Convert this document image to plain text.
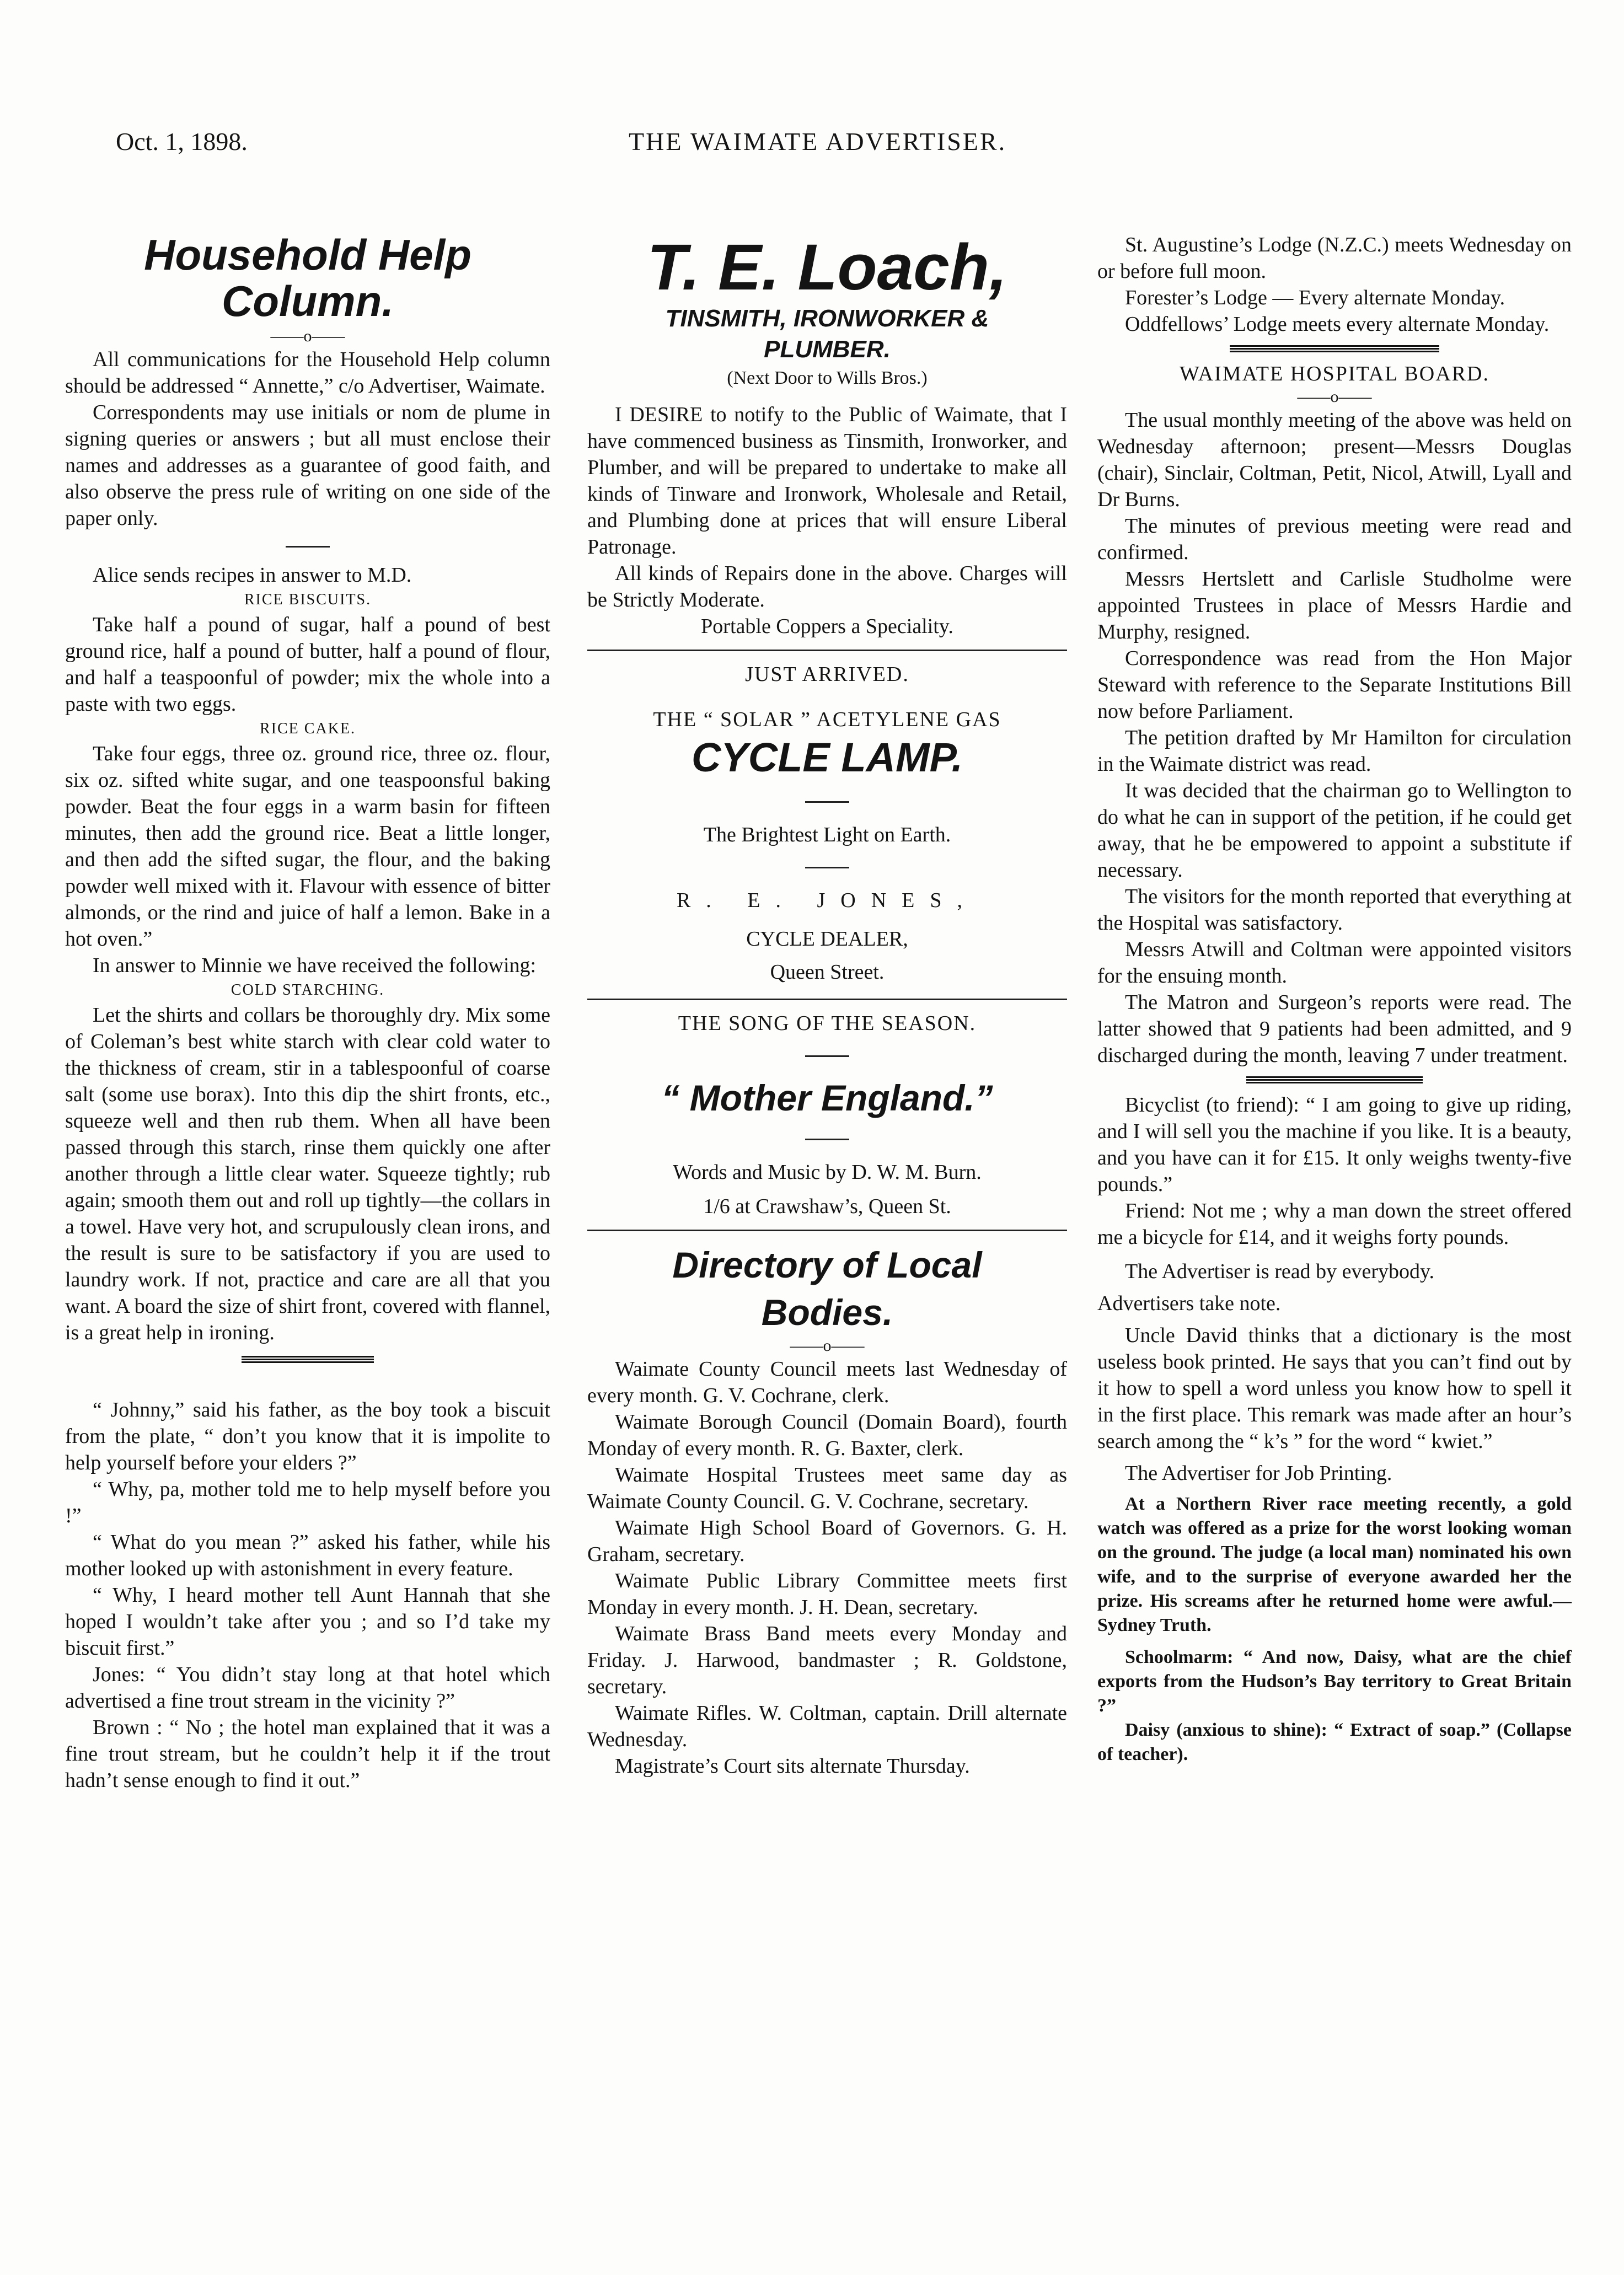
Oct. 1, 1898.	THE WAIMATE ADVERTISER.
Household Help Column.
——o——

All communications for the Household Help column should be addressed “ Annette,” c/o Advertiser, Waimate.

Correspondents may use initials or nom de plume in signing queries or answers ; but all must enclose their names and addresses as a guarantee of good faith, and also observe the press rule of writing on one side of the paper only.

Alice sends recipes in answer to M.D.

RICE BISCUITS.

Take half a pound of sugar, half a pound of best ground rice, half a pound of butter, half a pound of flour, and half a teaspoonful of powder; mix the whole into a paste with two eggs.

RICE CAKE.

Take four eggs, three oz. ground rice, three oz. flour, six oz. sifted white sugar, and one teaspoonsful baking powder. Beat the four eggs in a warm basin for fifteen minutes, then add the ground rice. Beat a little longer, and then add the sifted sugar, the flour, and the baking powder well mixed with it. Flavour with essence of bitter almonds, or the rind and juice of half a lemon. Bake in a hot oven.”

In answer to Minnie we have received the following:

COLD STARCHING.

Let the shirts and collars be thoroughly dry. Mix some of Coleman’s best white starch with clear cold water to the thickness of cream, stir in a tablespoonful of coarse salt (some use borax). Into this dip the shirt fronts, etc., squeeze well and then rub them. When all have been passed through this starch, rinse them quickly one after another through a little clear water. Squeeze tightly; rub again; smooth them out and roll up tightly—the collars in a towel. Have very hot, and scrupulously clean irons, and the result is sure to be satisfactory if you are used to laundry work. If not, practice and care are all that you want. A board the size of shirt front, covered with flannel, is a great help in ironing.

“ Johnny,” said his father, as the boy took a biscuit from the plate, “ don’t you know that it is impolite to help yourself before your elders ?”

“ Why, pa, mother told me to help myself before you !”

“ What do you mean ?” asked his father, while his mother looked up with astonishment in every feature.

“ Why, I heard mother tell Aunt Hannah that she hoped I wouldn’t take after you ; and so I’d take my biscuit first.”

Jones: “ You didn’t stay long at that hotel which advertised a fine trout stream in the vicinity ?”

Brown : “ No ; the hotel man explained that it was a fine trout stream, but he couldn’t help it if the trout hadn’t sense enough to find it out.”

T. E. Loach,
TINSMITH, IRONWORKER & PLUMBER.
(Next Door to Wills Bros.)

I DESIRE to notify to the Public of Waimate, that I have commenced business as Tinsmith, Ironworker, and Plumber, and will be prepared to undertake to make all kinds of Tinware and Ironwork, Wholesale and Retail, and Plumbing done at prices that will ensure Liberal Patronage.

All kinds of Repairs done in the above. Charges will be Strictly Moderate.

Portable Coppers a Speciality.
JUST ARRIVED.
THE “ SOLAR ” ACETYLENE GAS
CYCLE LAMP.
The Brightest Light on Earth.
R. E. JONES,
CYCLE DEALER,
Queen Street.
THE SONG OF THE SEASON.
“ Mother England.”
Words and Music by D. W. M. Burn.
1/6 at Crawshaw’s, Queen St.
Directory of Local Bodies.
——o——

Waimate County Council meets last Wednesday of every month. G. V. Cochrane, clerk.

Waimate Borough Council (Domain Board), fourth Monday of every month. R. G. Baxter, clerk.

Waimate Hospital Trustees meet same day as Waimate County Council. G. V. Cochrane, secretary.

Waimate High School Board of Governors. G. H. Graham, secretary.

Waimate Public Library Committee meets first Monday in every month. J. H. Dean, secretary.

Waimate Brass Band meets every Monday and Friday. J. Harwood, bandmaster ; R. Goldstone, secretary.

Waimate Rifles. W. Coltman, captain. Drill alternate Wednesday.

Magistrate’s Court sits alternate Thursday.

St. Augustine’s Lodge (N.Z.C.) meets Wednesday on or before full moon.

Forester’s Lodge — Every alternate Monday.

Oddfellows’ Lodge meets every alternate Monday.

WAIMATE HOSPITAL BOARD.
——o——

The usual monthly meeting of the above was held on Wednesday afternoon; present—Messrs Douglas (chair), Sinclair, Coltman, Petit, Nicol, Atwill, Lyall and Dr Burns.

The minutes of previous meeting were read and confirmed.

Messrs Hertslett and Carlisle Studholme were appointed Trustees in place of Messrs Hardie and Murphy, resigned.

Correspondence was read from the Hon Major Steward with reference to the Separate Institutions Bill now before Parliament.

The petition drafted by Mr Hamilton for circulation in the Waimate district was read.

It was decided that the chairman go to Wellington to do what he can in support of the petition, if he could get away, that he be empowered to appoint a substitute if necessary.

The visitors for the month reported that everything at the Hospital was satisfactory.

Messrs Atwill and Coltman were appointed visitors for the ensuing month.

The Matron and Surgeon’s reports were read. The latter showed that 9 patients had been admitted, and 9 discharged during the month, leaving 7 under treatment.

Bicyclist (to friend): “ I am going to give up riding, and I will sell you the machine if you like. It is a beauty, and you have can it for £15. It only weighs twenty-five pounds.”

Friend: Not me ; why a man down the street offered me a bicycle for £14, and it weighs forty pounds.

The Advertiser is read by everybody.

Advertisers take note.

Uncle David thinks that a dictionary is the most useless book printed. He says that you can’t find out by it how to spell a word unless you know how to spell it in the first place. This remark was made after an hour’s search among the “ k’s ” for the word “ kwiet.”

The Advertiser for Job Printing.

At a Northern River race meeting recently, a gold watch was offered as a prize for the worst looking woman on the ground. The judge (a local man) nominated his own wife, and to the surprise of everyone awarded her the prize. His screams after he returned home were awful.—Sydney Truth.

Schoolmarm: “ And now, Daisy, what are the chief exports from the Hudson’s Bay territory to Great Britain ?”

Daisy (anxious to shine): “ Extract of soap.” (Collapse of teacher).
